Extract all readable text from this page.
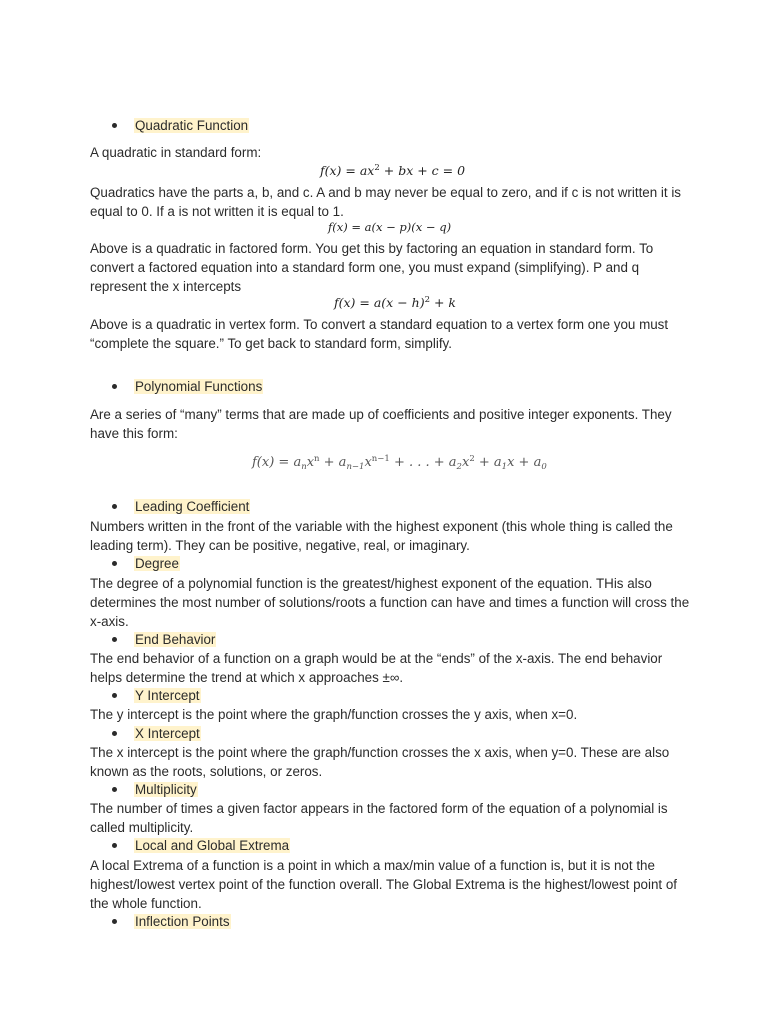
Quadratic Function

A quadratic in standard form:

$f(x) = ax^2$ + bx + c = 0

Quadratics have the parts a, b, and c. A and b may never be equal to zero, and if c is not written it is equal to 0. If a is not written it is equal to 1.

f(x) = a(x − p)(x − q)

Above is a quadratic in factored form. You get this by factoring an equation in standard form. To convert a factored equation into a standard form one, you must expand (simplifying). P and q represent the x intercepts

$f(x) = a(x - h)^2 + k$

Above is a quadratic in vertex form. To convert a standard equation to a vertex form one you must “complete the square.” To get back to standard form, simplify.

Polynomial Functions

Are a series of “many” terms that are made up of coefficients and positive integer exponents. They have this form:

$f(x) = a_nx^n + a_{n-1}x^{n-1}$ + . . . + $a_2x^2 + a_1x + a_0$
Leading Coefficient

Numbers written in the front of the variable with the highest exponent (this whole thing is called the leading term). They can be positive, negative, real, or imaginary.

Degree

The degree of a polynomial function is the greatest/highest exponent of the equation. THis also determines the most number of solutions/roots a function can have and times a function will cross the x-axis.

End Behavior

The end behavior of a function on a graph would be at the “ends” of the x-axis. The end behavior helps determine the trend at which x approaches ±∞.

Y Intercept

The y intercept is the point where the graph/function crosses the y axis, when x=0.

X Intercept

The x intercept is the point where the graph/function crosses the x axis, when y=0. These are also known as the roots, solutions, or zeros.

Multiplicity

The number of times a given factor appears in the factored form of the equation of a polynomial is called multiplicity.

Local and Global Extrema

A local Extrema of a function is a point in which a max/min value of a function is, but it is not the highest/lowest vertex point of the function overall. The Global Extrema is the highest/lowest point of the whole function.

Inflection Points
